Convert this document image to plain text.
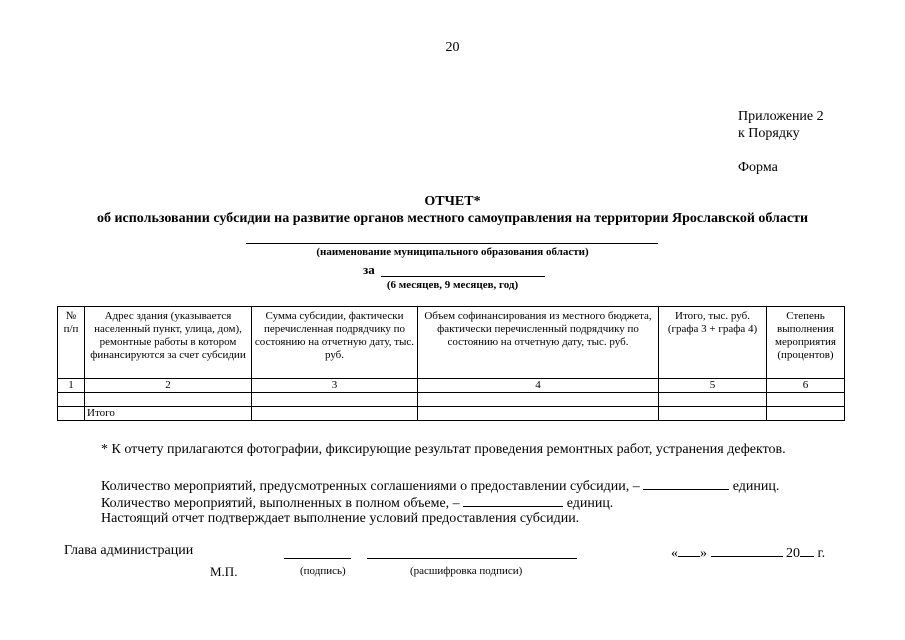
20
Приложение 2
к Порядку
Форма
ОТЧЕТ*
об использовании субсидии на развитие органов местного самоуправления на территории Ярославской области
(наименование муниципального образования области)
за
(6 месяцев, 9 месяцев, год)
№ п/п	Адрес здания (указывается населенный пункт, улица, дом), ремонтные работы в котором финансируются за счет субсидии	Сумма субсидии, фактически перечисленная подрядчику по состоянию на отчетную дату, тыс. руб.	Объем софинансирования из местного бюджета, фактически перечисленный подрядчику по состоянию на отчетную дату, тыс. руб.	Итого, тыс. руб. (графа 3 + графа 4)	Степень выполнения мероприятия (процентов)
1	2	3	4	5	6

	Итого				
* К отчету прилагаются фотографии, фиксирующие результат проведения ремонтных работ, устранения дефектов.
Количество мероприятий, предусмотренных соглашениями о предоставлении субсидии, –	единиц.
Количество мероприятий, выполненных в полном объеме, –	единиц.
Настоящий отчет подтверждает выполнение условий предоставления субсидии.
Глава администрации	« »	20 г.
М.П.	(подпись)	(расшифровка подписи)
